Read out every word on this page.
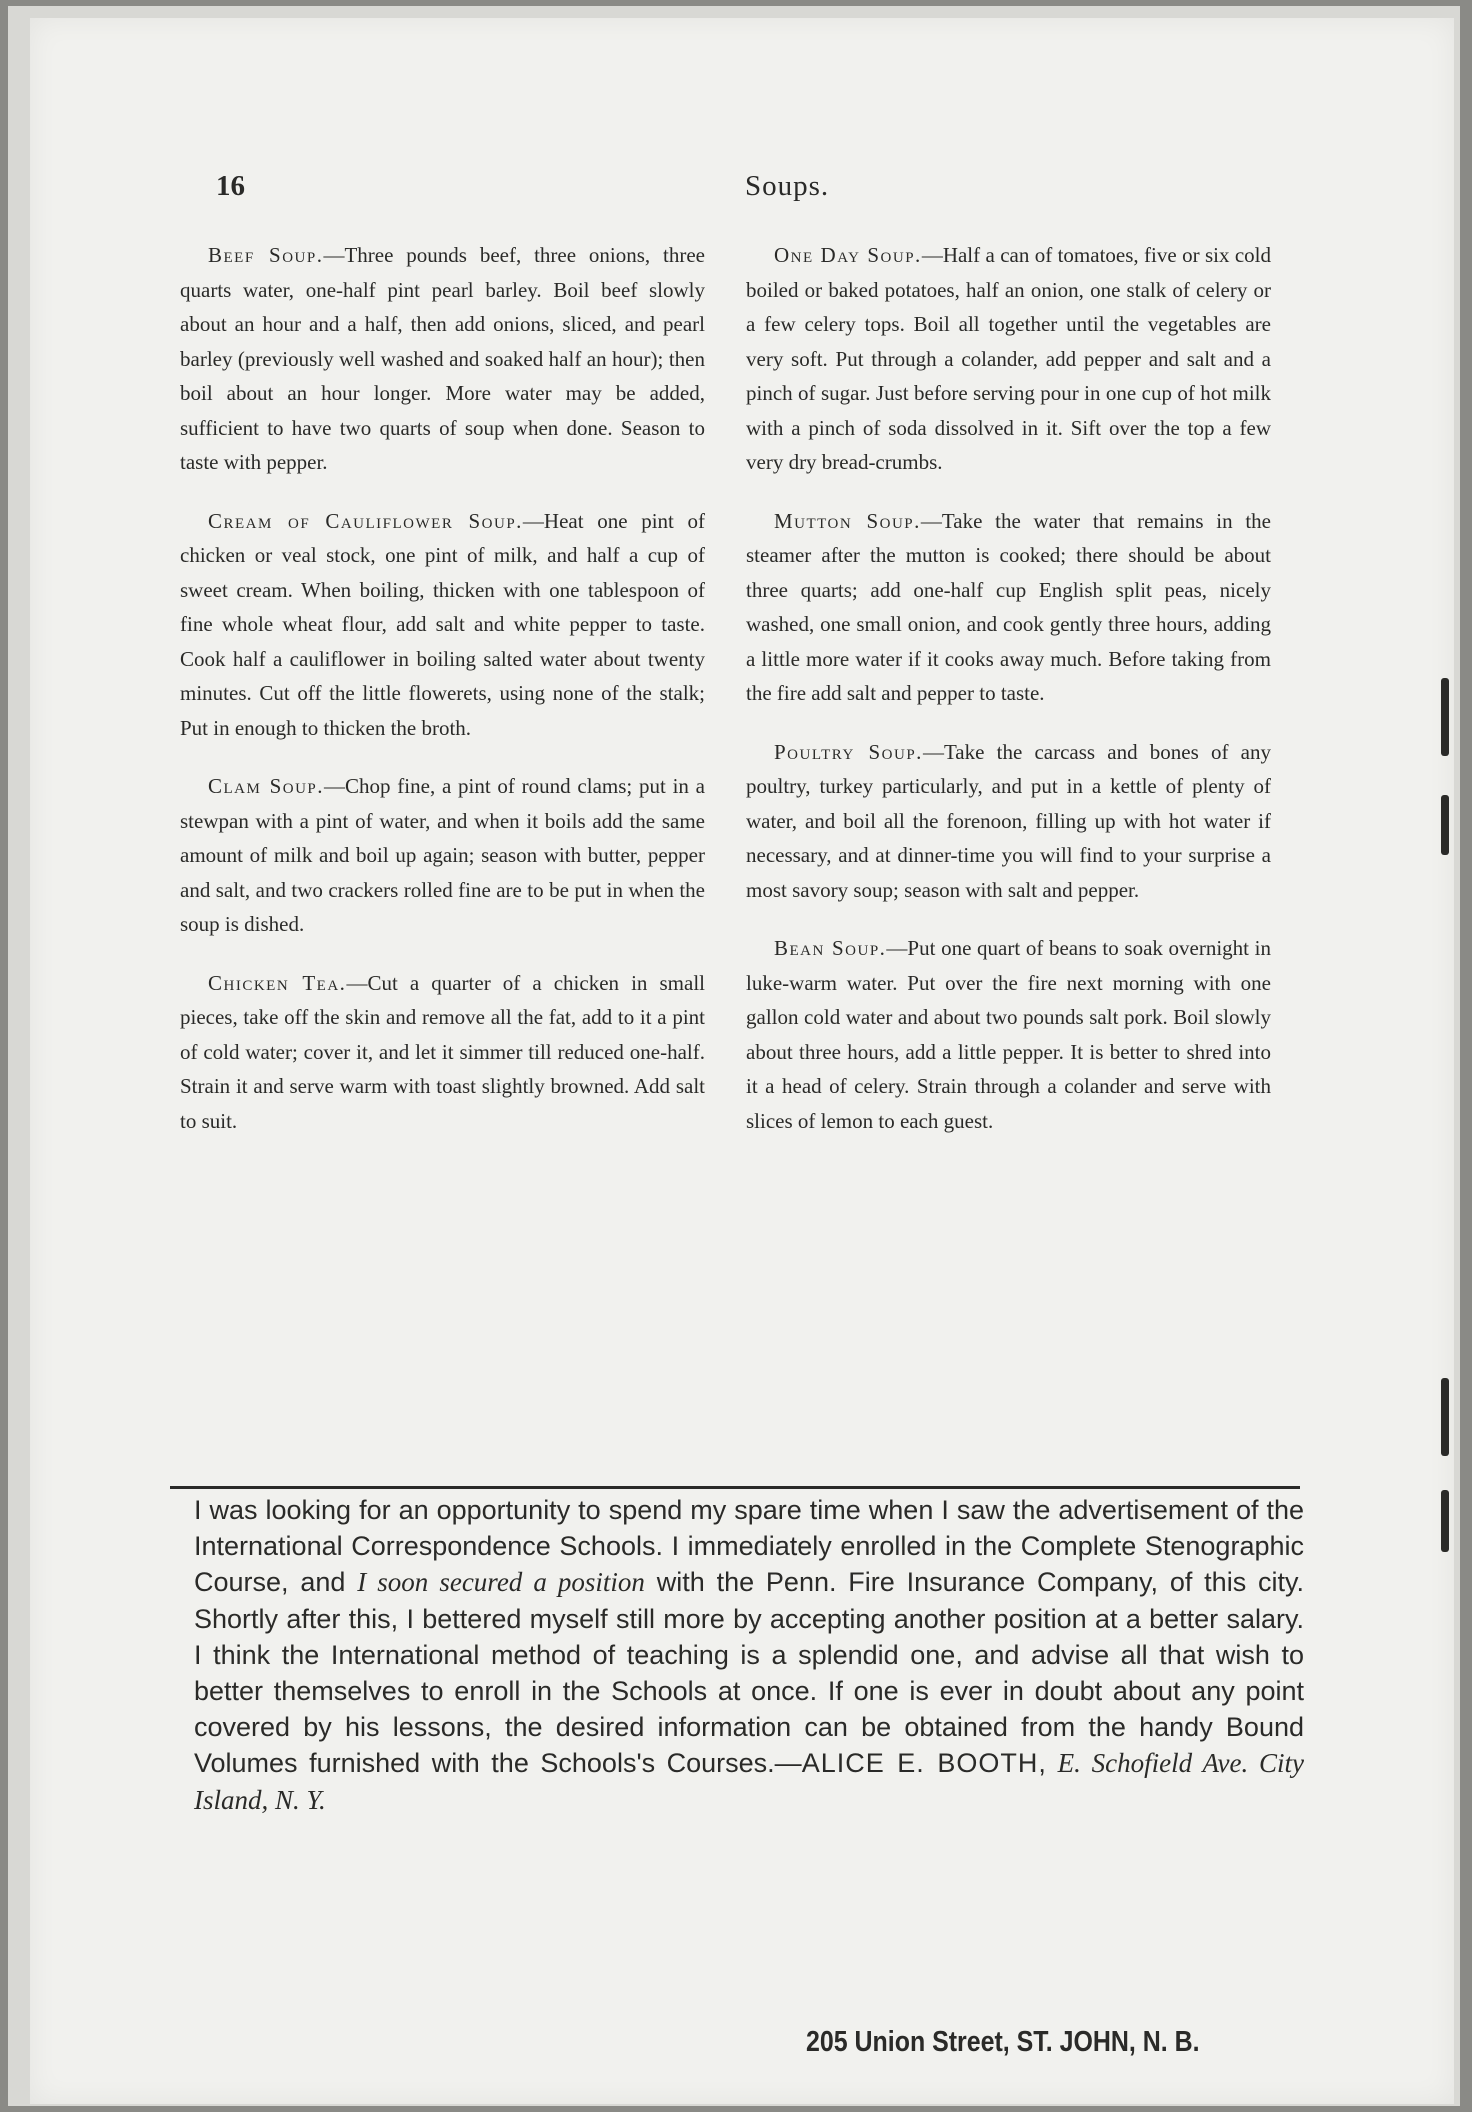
16	Soups.

Beef Soup.—Three pounds beef, three onions, three quarts water, one-half pint pearl barley. Boil beef slowly about an hour and a half, then add onions, sliced, and pearl barley (previously well washed and soaked half an hour); then boil about an hour longer. More water may be added, sufficient to have two quarts of soup when done. Season to taste with pepper.

Cream of Cauliflower Soup.—Heat one pint of chicken or veal stock, one pint of milk, and half a cup of sweet cream. When boiling, thicken with one tablespoon of fine whole wheat flour, add salt and white pepper to taste. Cook half a cauliflower in boiling salted water about twenty minutes. Cut off the little flowerets, using none of the stalk; Put in enough to thicken the broth.

Clam Soup.—Chop fine, a pint of round clams; put in a stewpan with a pint of water, and when it boils add the same amount of milk and boil up again; season with butter, pepper and salt, and two crackers rolled fine are to be put in when the soup is dished.

Chicken Tea.—Cut a quarter of a chicken in small pieces, take off the skin and remove all the fat, add to it a pint of cold water; cover it, and let it simmer till reduced one-half. Strain it and serve warm with toast slightly browned. Add salt to suit.

One Day Soup.—Half a can of tomatoes, five or six cold boiled or baked potatoes, half an onion, one stalk of celery or a few celery tops. Boil all together until the vegetables are very soft. Put through a colander, add pepper and salt and a pinch of sugar. Just before serving pour in one cup of hot milk with a pinch of soda dissolved in it. Sift over the top a few very dry bread-crumbs.

Mutton Soup.—Take the water that remains in the steamer after the mutton is cooked; there should be about three quarts; add one-half cup English split peas, nicely washed, one small onion, and cook gently three hours, adding a little more water if it cooks away much. Before taking from the fire add salt and pepper to taste.

Poultry Soup.—Take the carcass and bones of any poultry, turkey particularly, and put in a kettle of plenty of water, and boil all the forenoon, filling up with hot water if necessary, and at dinner-time you will find to your surprise a most savory soup; season with salt and pepper.

Bean Soup.—Put one quart of beans to soak overnight in luke-warm water. Put over the fire next morning with one gallon cold water and about two pounds salt pork. Boil slowly about three hours, add a little pepper. It is better to shred into it a head of celery. Strain through a colander and serve with slices of lemon to each guest.

I was looking for an opportunity to spend my spare time when I saw the advertisement of the International Correspondence Schools. I immediately enrolled in the Complete Stenographic Course, and I soon secured a position with the Penn. Fire Insurance Company, of this city. Shortly after this, I bettered myself still more by accepting another position at a better salary. I think the International method of teaching is a splendid one, and advise all that wish to better themselves to enroll in the Schools at once. If one is ever in doubt about any point covered by his lessons, the desired information can be obtained from the handy Bound Volumes furnished with the Schools's Courses.—ALICE E. BOOTH, E. Schofield Ave. City Island, N. Y.

205 Union Street, ST. JOHN, N. B.
